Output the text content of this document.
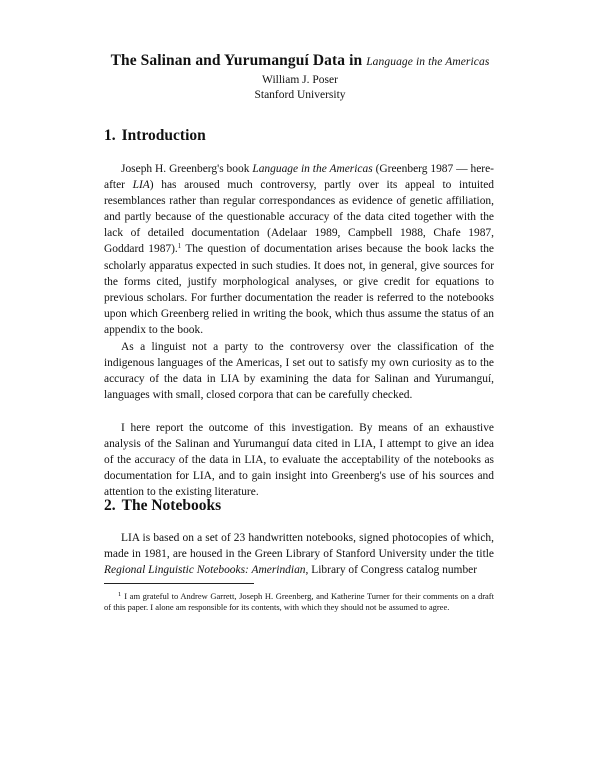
The Salinan and Yurumanguí Data in Language in the Americas
William J. Poser
Stanford University
1. Introduction

Joseph H. Greenberg's book Language in the Americas (Greenberg 1987 — here-after LIA) has aroused much controversy, partly over its appeal to intuited resemblances rather than regular correspondances as evidence of genetic affiliation, and partly because of the questionable accuracy of the data cited together with the lack of detailed documentation (Adelaar 1989, Campbell 1988, Chafe 1987, Goddard 1987).$^1$ The question of documentation arises because the book lacks the scholarly apparatus expected in such studies. It does not, in general, give sources for the forms cited, justify morphological analyses, or give credit for equations to previous scholars. For further documentation the reader is referred to the notebooks upon which Greenberg relied in writing the book, which thus assume the status of an appendix to the book.

As a linguist not a party to the controversy over the classification of the indigenous languages of the Americas, I set out to satisfy my own curiosity as to the accuracy of the data in LIA by examining the data for Salinan and Yurumanguí, languages with small, closed corpora that can be carefully checked.

I here report the outcome of this investigation. By means of an exhaustive analysis of the Salinan and Yurumanguí data cited in LIA, I attempt to give an idea of the accuracy of the data in LIA, to evaluate the acceptability of the notebooks as documentation for LIA, and to gain insight into Greenberg's use of his sources and attention to the existing literature.

2. The Notebooks

LIA is based on a set of 23 handwritten notebooks, signed photocopies of which, made in 1981, are housed in the Green Library of Stanford University under the title Regional Linguistic Notebooks: Amerindian, Library of Congress catalog number

$^1$ I am grateful to Andrew Garrett, Joseph H. Greenberg, and Katherine Turner for their comments on a draft of this paper. I alone am responsible for its contents, with which they should not be assumed to agree.
